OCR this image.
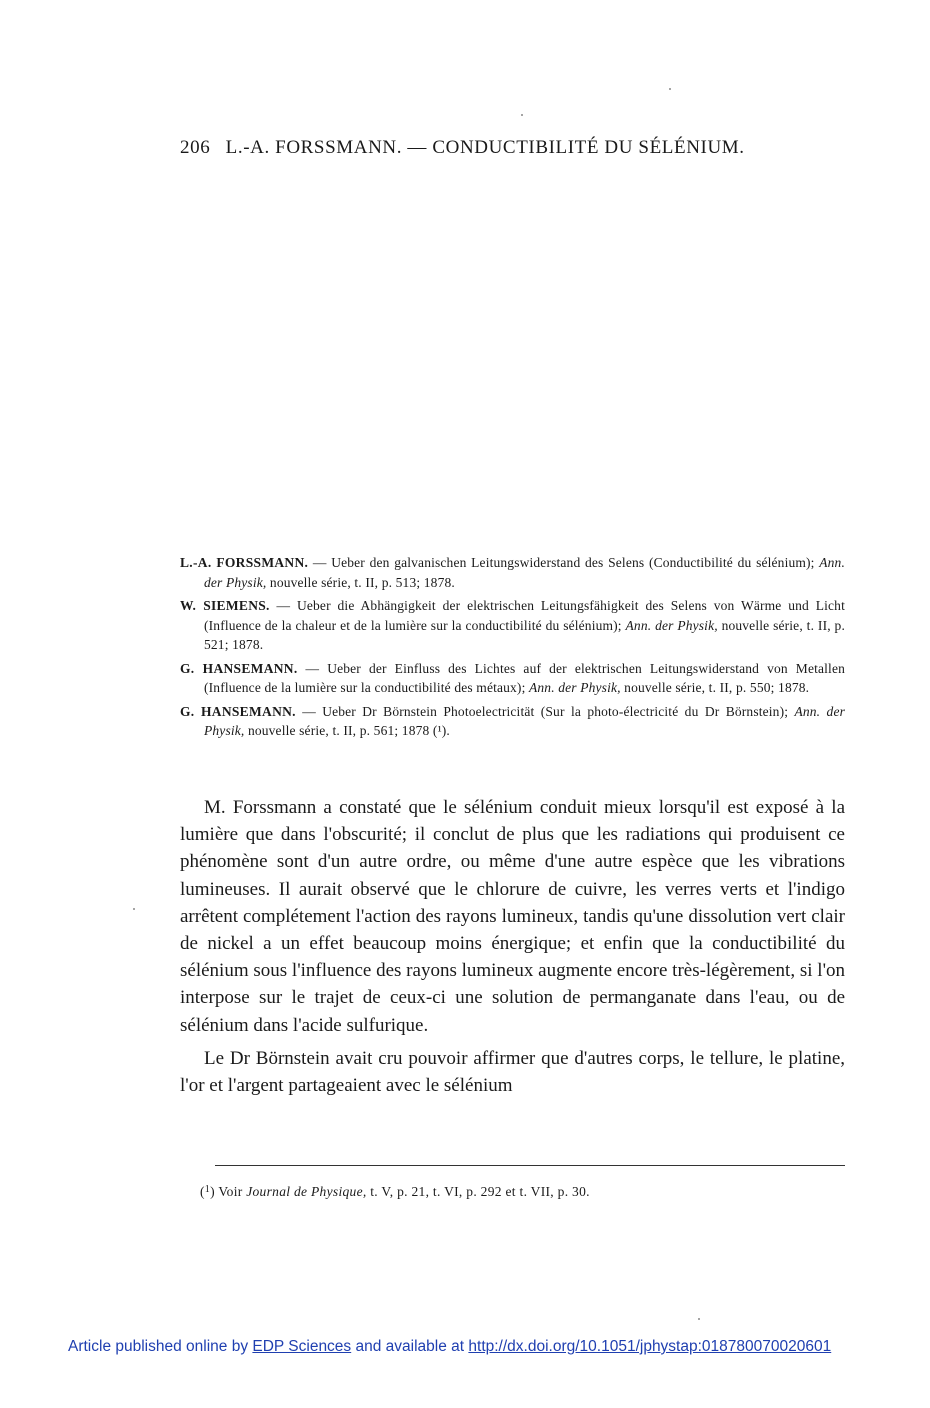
206 L.-A. FORSSMANN. — CONDUCTIBILITÉ DU SÉLÉNIUM.
L.-A. FORSSMANN. — Ueber den galvanischen Leitungswiderstand des Selens (Conductibilité du sélénium); Ann. der Physik, nouvelle série, t. II, p. 513; 1878.
W. SIEMENS. — Ueber die Abhängigkeit der elektrischen Leitungsfähigkeit des Selens von Wärme und Licht (Influence de la chaleur et de la lumière sur la conductibilité du sélénium); Ann. der Physik, nouvelle série, t. II, p. 521; 1878.
G. HANSEMANN. — Ueber der Einfluss des Lichtes auf der elektrischen Leitungswiderstand von Metallen (Influence de la lumière sur la conductibilité des métaux); Ann. der Physik, nouvelle série, t. II, p. 550; 1878.
G. HANSEMANN. — Ueber Dr Börnstein Photoelectricität (Sur la photo-électricité du Dr Börnstein); Ann. der Physik, nouvelle série, t. II, p. 561; 1878 (¹).

M. Forssmann a constaté que le sélénium conduit mieux lorsqu'il est exposé à la lumière que dans l'obscurité; il conclut de plus que les radiations qui produisent ce phénomène sont d'un autre ordre, ou même d'une autre espèce que les vibrations lumineuses. Il aurait observé que le chlorure de cuivre, les verres verts et l'indigo arrêtent complétement l'action des rayons lumineux, tandis qu'une dissolution vert clair de nickel a un effet beaucoup moins énergique; et enfin que la conductibilité du sélénium sous l'influence des rayons lumineux augmente encore très-légèrement, si l'on interpose sur le trajet de ceux-ci une solution de permanganate dans l'eau, ou de sélénium dans l'acide sulfurique.

Le Dr Börnstein avait cru pouvoir affirmer que d'autres corps, le tellure, le platine, l'or et l'argent partageaient avec le sélénium

($^1$) Voir Journal de Physique, t. V, p. 21, t. VI, p. 292 et t. VII, p. 30.
Article published online by EDP Sciences and available at http://dx.doi.org/10.1051/jphystap:018780070020601
